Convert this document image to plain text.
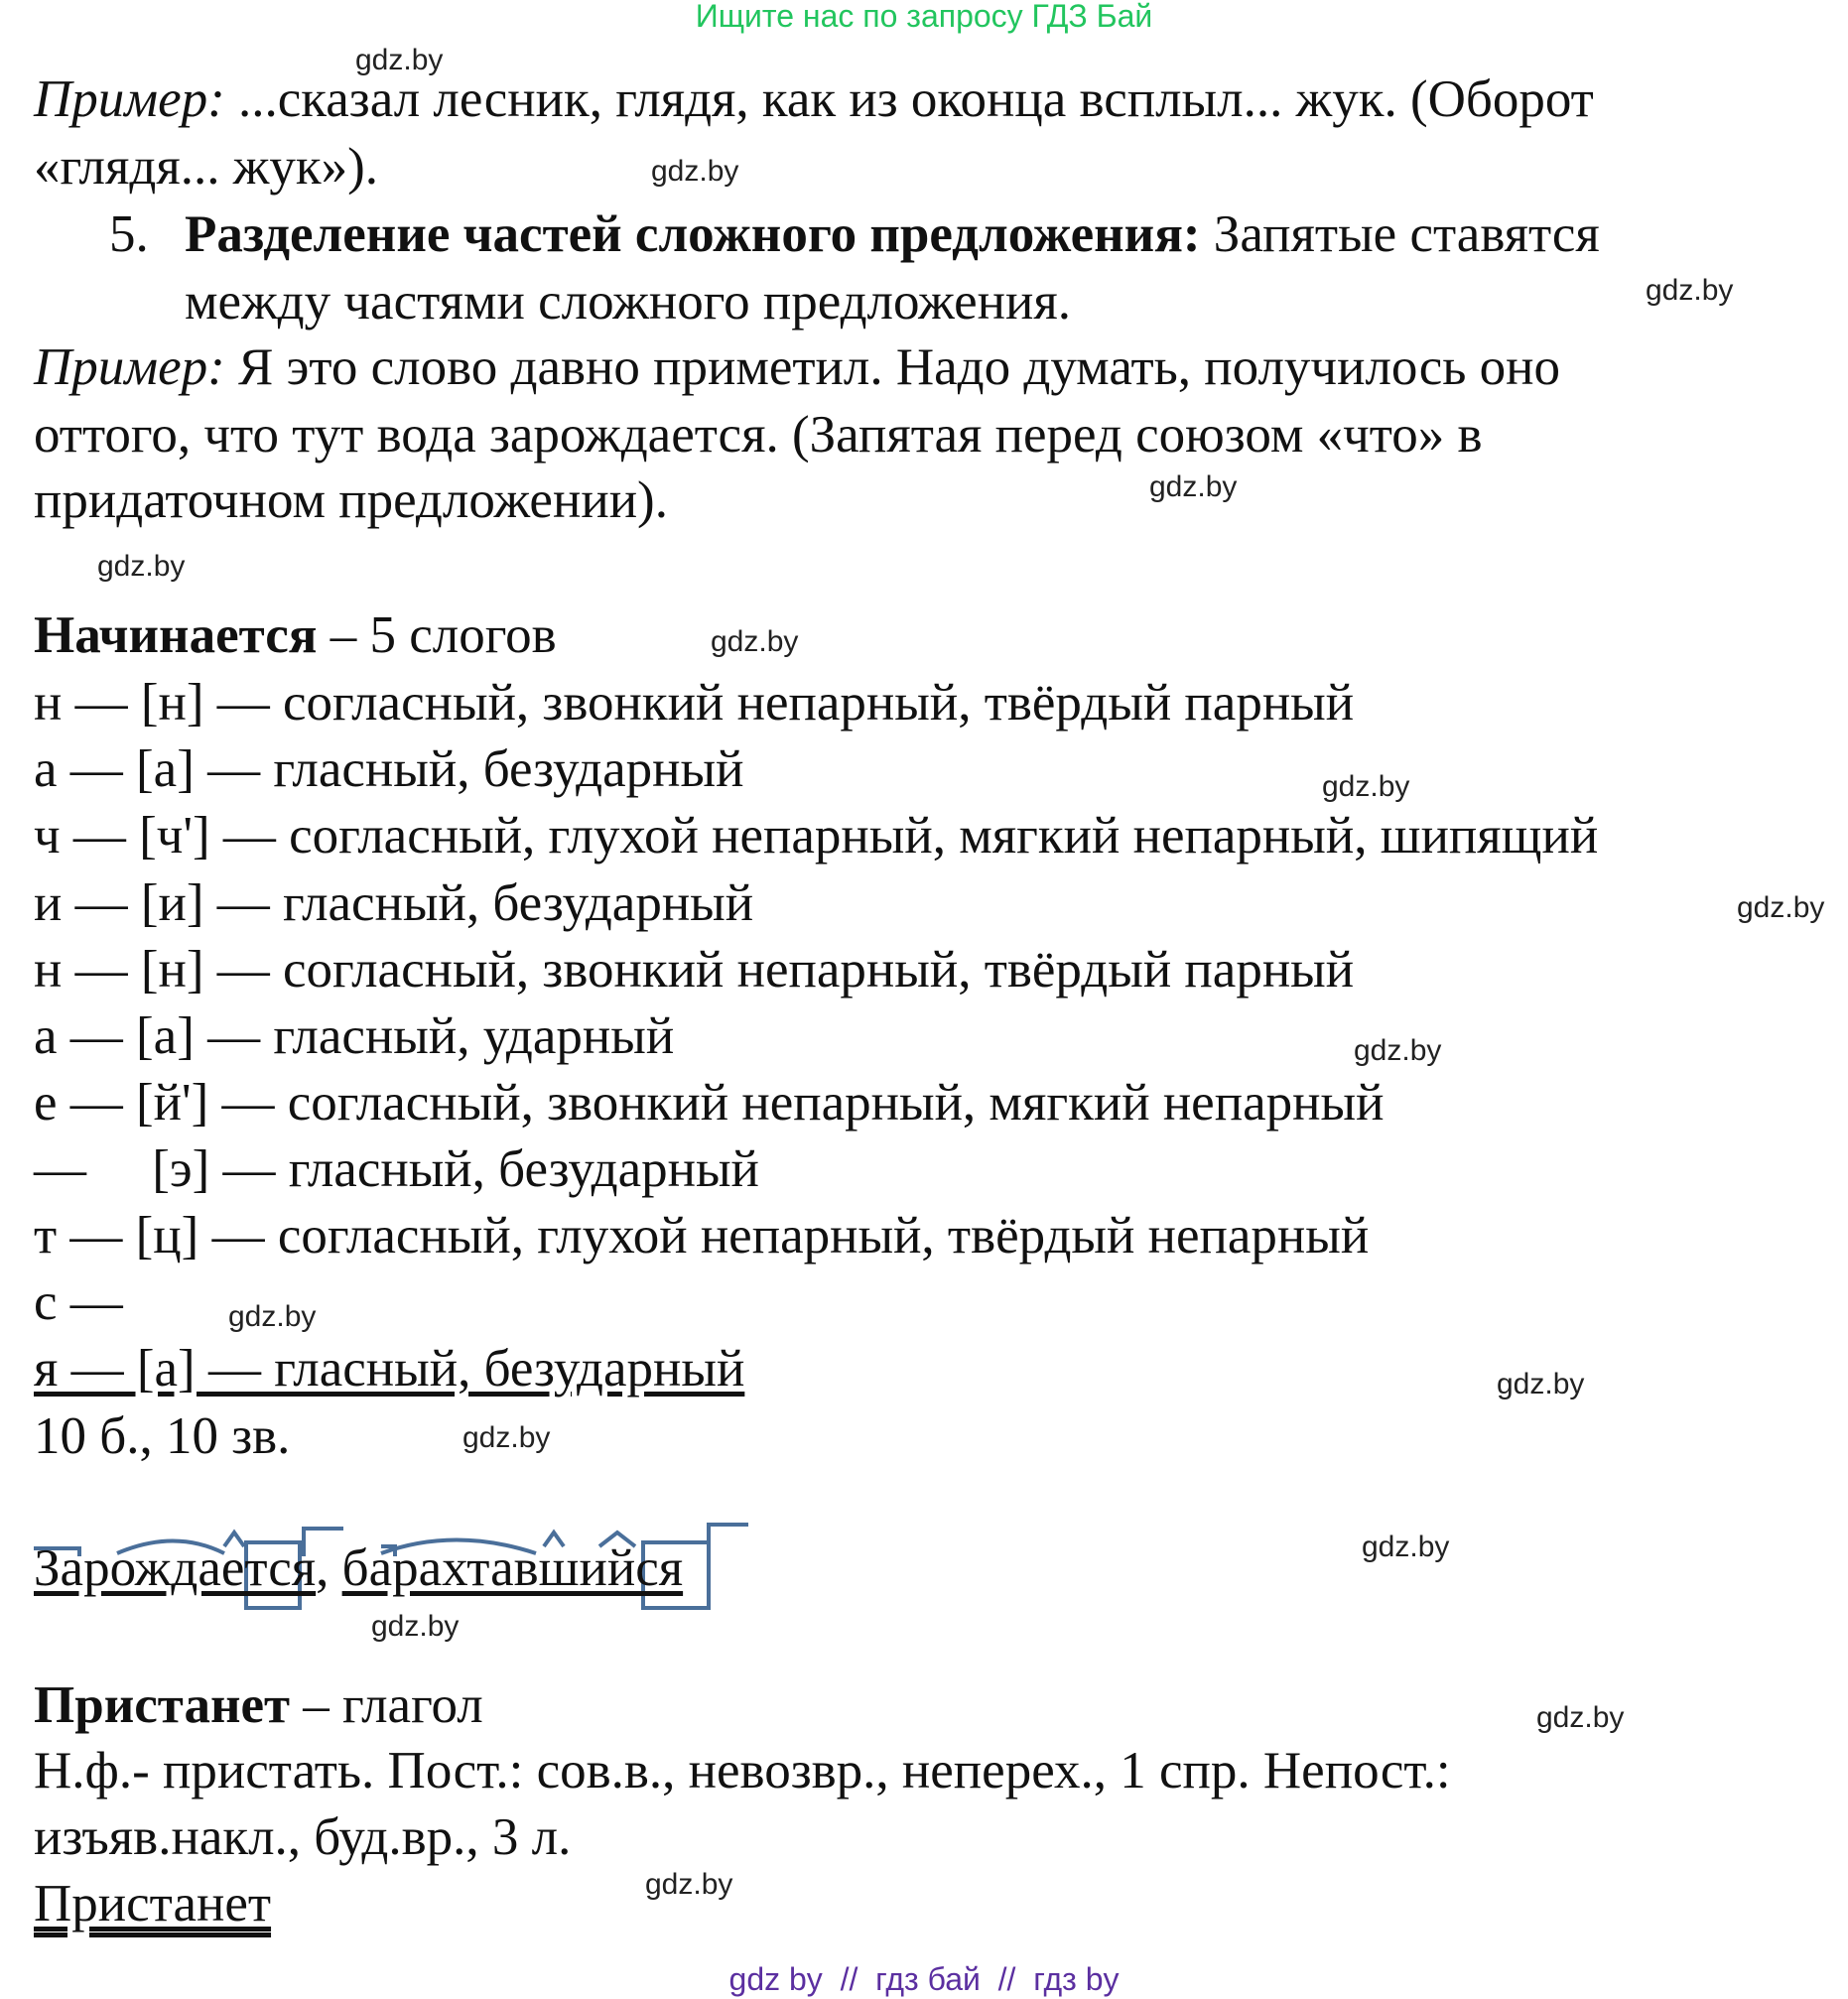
Ищите нас по запросу ГДЗ Бай
Пример: ...сказал лесник, глядя, как из оконца всплыл... жук. (Оборот
«глядя... жук»).
5. Разделение частей сложного предложения: Запятые ставятся
между частями сложного предложения.
Пример: Я это слово давно приметил. Надо думать, получилось оно
оттого, что тут вода зарождается. (Запятая перед союзом «что» в
придаточном предложении).
Начинается – 5 слогов
н — [н] — согласный, звонкий непарный, твёрдый парный
а — [а] — гласный, безударный
ч — [ч'] — согласный, глухой непарный, мягкий непарный, шипящий
и — [и] — гласный, безударный
н — [н] — согласный, звонкий непарный, твёрдый парный
а — [а] — гласный, ударный
е — [й'] — согласный, звонкий непарный, мягкий непарный
—     [э] — гласный, безударный
т — [ц] — согласный, глухой непарный, твёрдый непарный
с —
я — [а] — гласный, безударный
10 б., 10 зв.
Зарождается, барахтавшийся
Пристанет – глагол
Н.ф.- пристать. Пост.: сов.в., невозвр., неперех., 1 спр. Непост.:
изъяв.накл., буд.вр., 3 л.
Пристанет
gdz.by
gdz.by
gdz.by
gdz.by
gdz.by
gdz.by
gdz.by
gdz.by
gdz.by
gdz.by
gdz.by
gdz.by
gdz.by
gdz.by
gdz.by
gdz.by
gdz by  //  гдз бай  //  гдз by
